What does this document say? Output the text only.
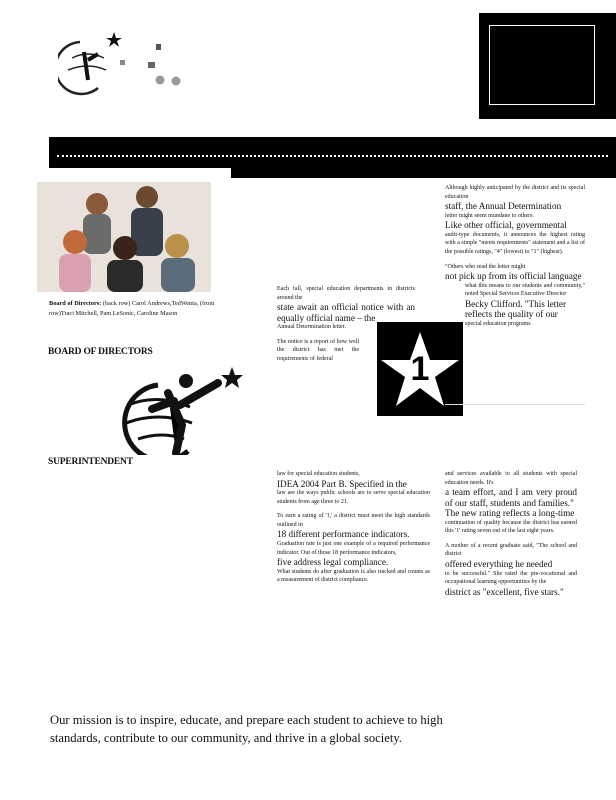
Board of Directors: (back row) Carol Andrews,TedWenta, (front row)Traci Mitchell, Pam LeSonic, Caroline Mason
BOARD OF DIRECTORS
SUPERINTENDENT

Each fall, special education departments in districts around the

state await an official notice with an equally official name – the

Annual Determination letter.

The notice is a report of how well the district has met the requirements of federal	1

Although highly anticipated by the district and its special education

staff, the Annual Determination

letter might seem mundane to others.

Like other official, governmental

audit-type documents, it announces the highest rating with a simple "meets requirements" statement and a list of the possible ratings, "4" (lowest) to "1" (highest).

"Others who read the letter might

not pick up from its official language

what this means to our students and community," noted Special Services Executive Director

Becky Clifford. "This letter

reflects the quality of our

special education programs

law for special education students,

IDEA 2004 Part B. Specified in the

law are the ways public schools are to serve special education students from age three to 21.

To earn a rating of '1,' a district must meet the high standards outlined in

18 different performance indicators.

Graduation rate is just one example of a required performance indicator. Out of those 18 performance indicators,

five address legal compliance.

What students do after graduation is also tracked and counts as a measurement of district compliance.

and services available to all students with special education needs. It's

a team effort, and I am very proud of our staff, students and families."

The new rating reflects a long-time

continuation of quality because the district has earned this '1' rating seven out of the last eight years.

A mother of a recent graduate said, "The school and district

offered everything he needed

to be successful." She rated the pre-vocational and occupational learning opportunities by the

district as "excellent, five stars."

Our mission is to inspire, educate, and prepare each student to achieve to high standards, contribute to our community, and thrive in a global society.
